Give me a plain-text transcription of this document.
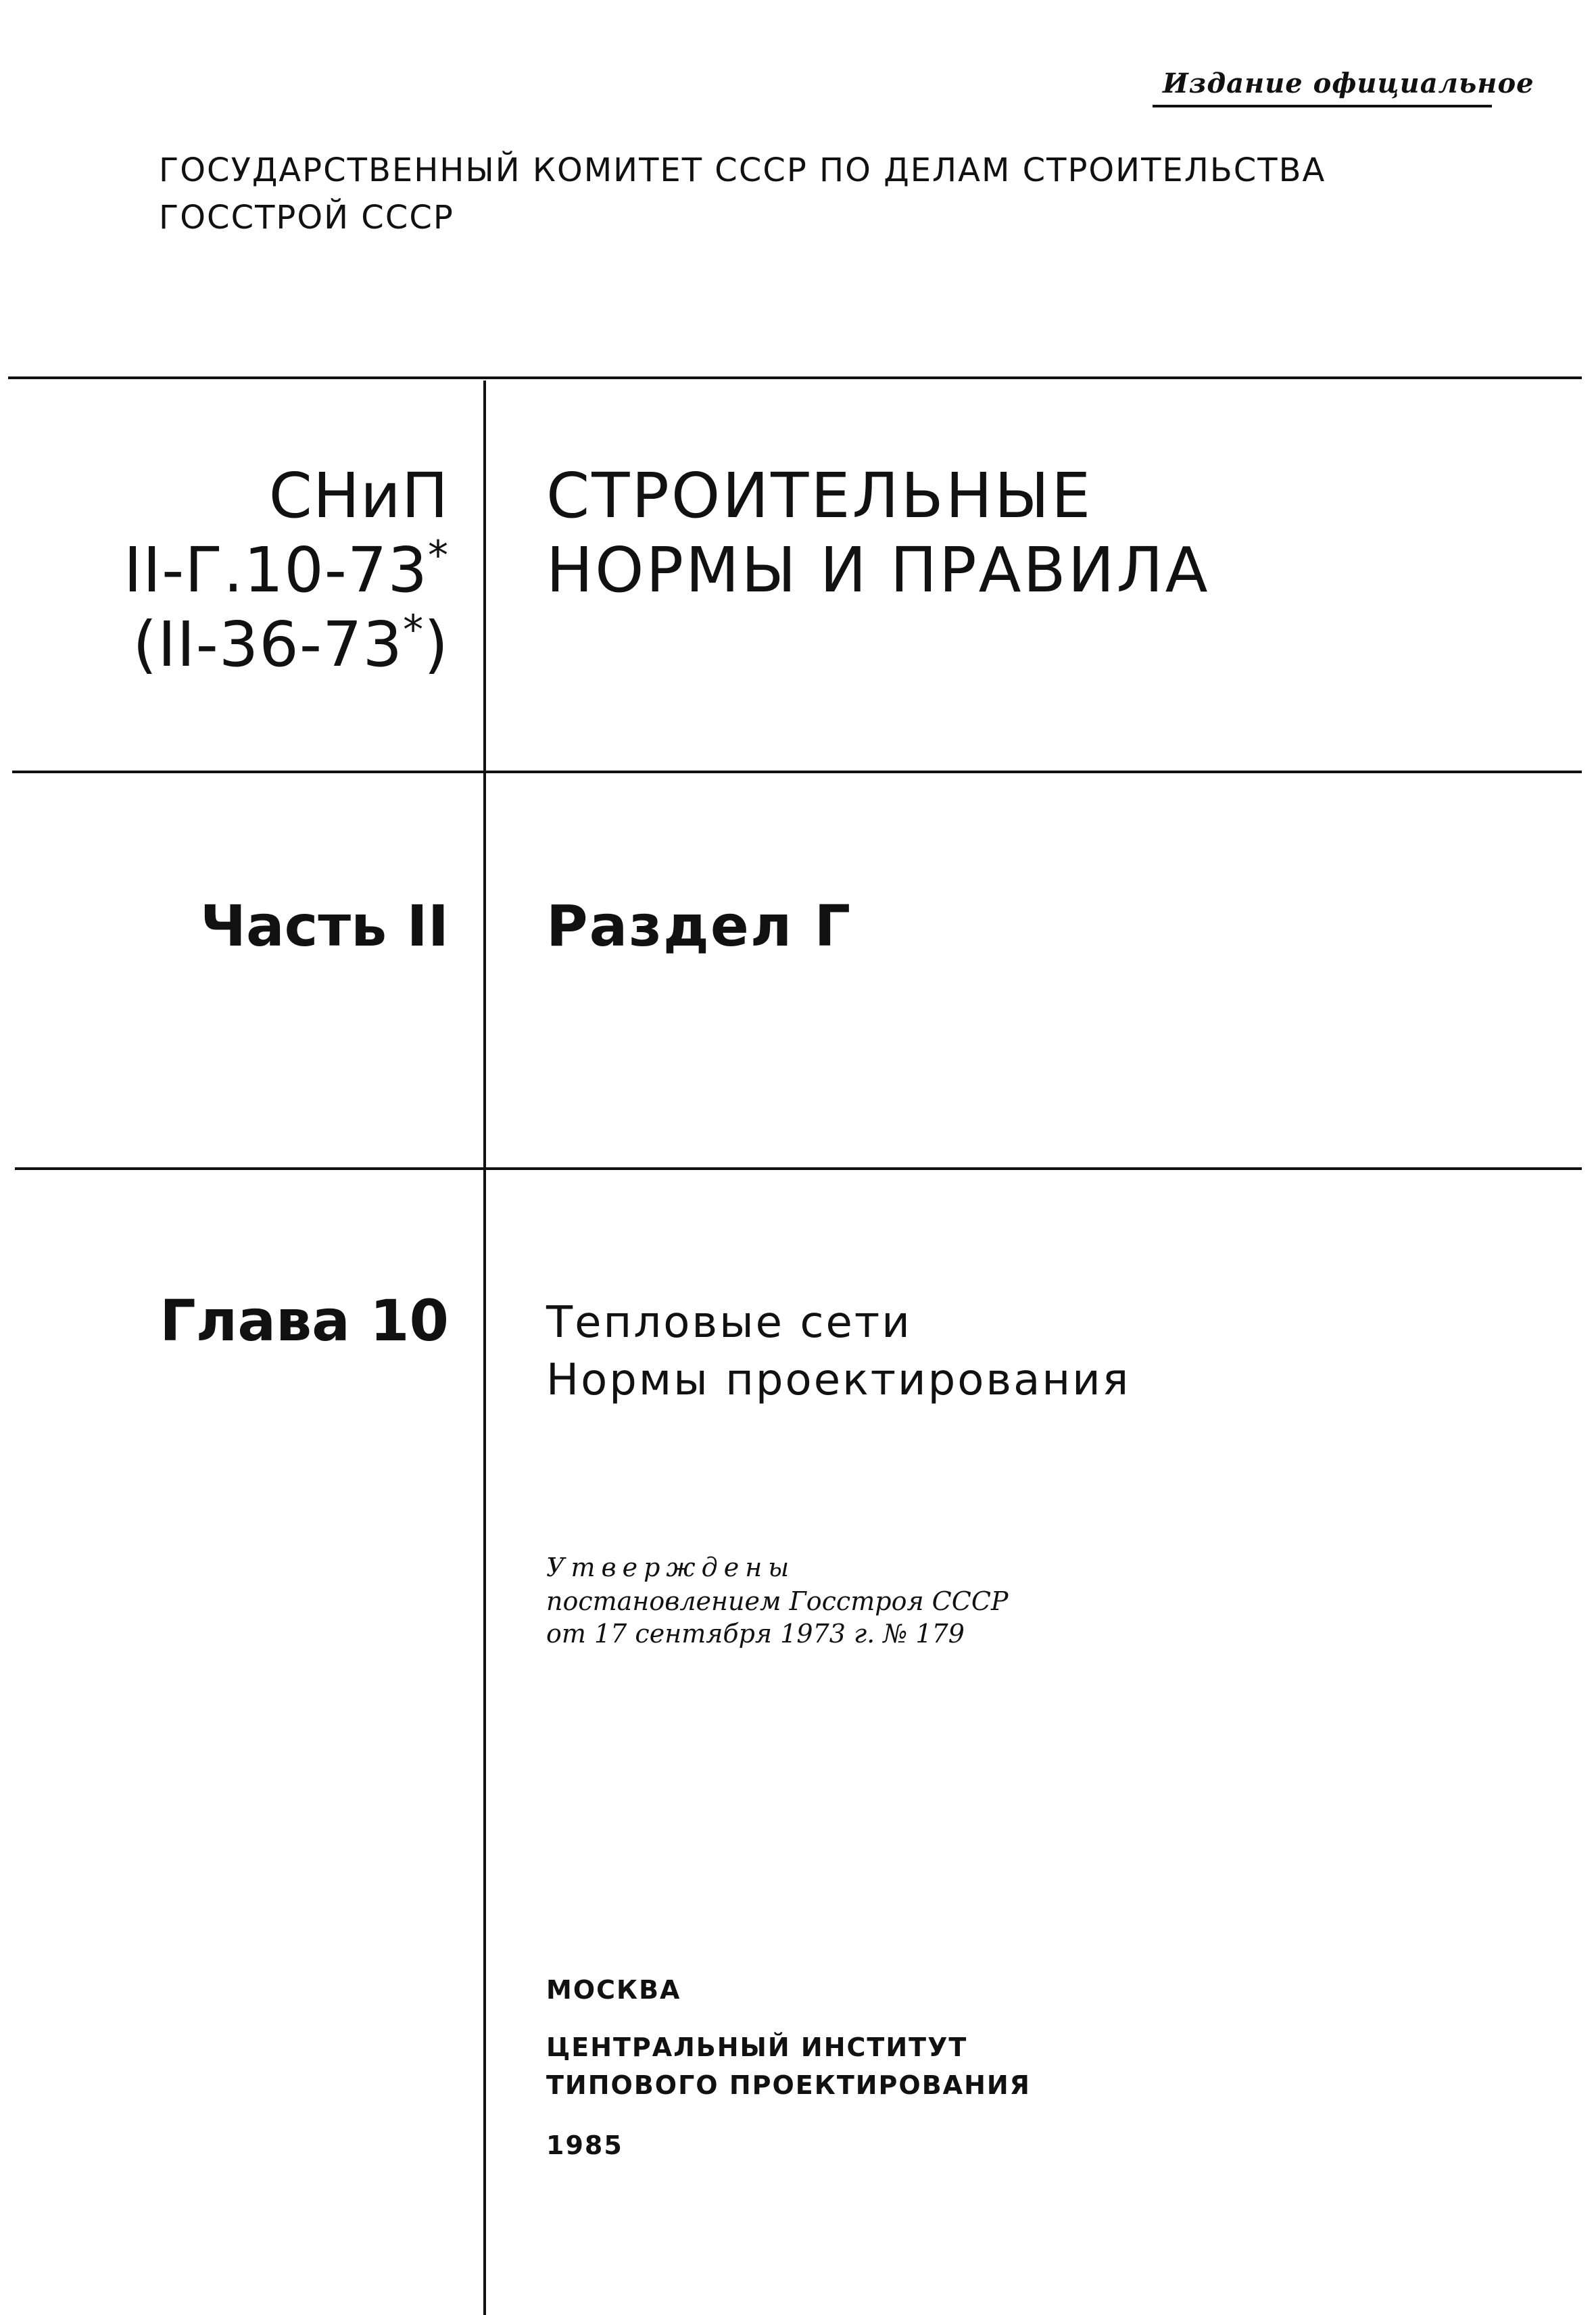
Издание официальное

ГОСУДАРСТВЕННЫЙ КОМИТЕТ СССР ПО ДЕЛАМ СТРОИТЕЛЬСТВА

ГОССТРОЙ СССР

СНиП

II-Г.10-73*

(II-36-73*)

СТРОИТЕЛЬНЫЕ

НОРМЫ И ПРАВИЛА

Часть II Раздел Г

Глава 10 Тепловые сети

Нормы проектирования

Утверждены

постановлением Госстроя СССР

от 17 сентября 1973 г. № 179

МОСКВА

ЦЕНТРАЛЬНЫЙ ИНСТИТУТ

ТИПОВОГО ПРОЕКТИРОВАНИЯ

1985
